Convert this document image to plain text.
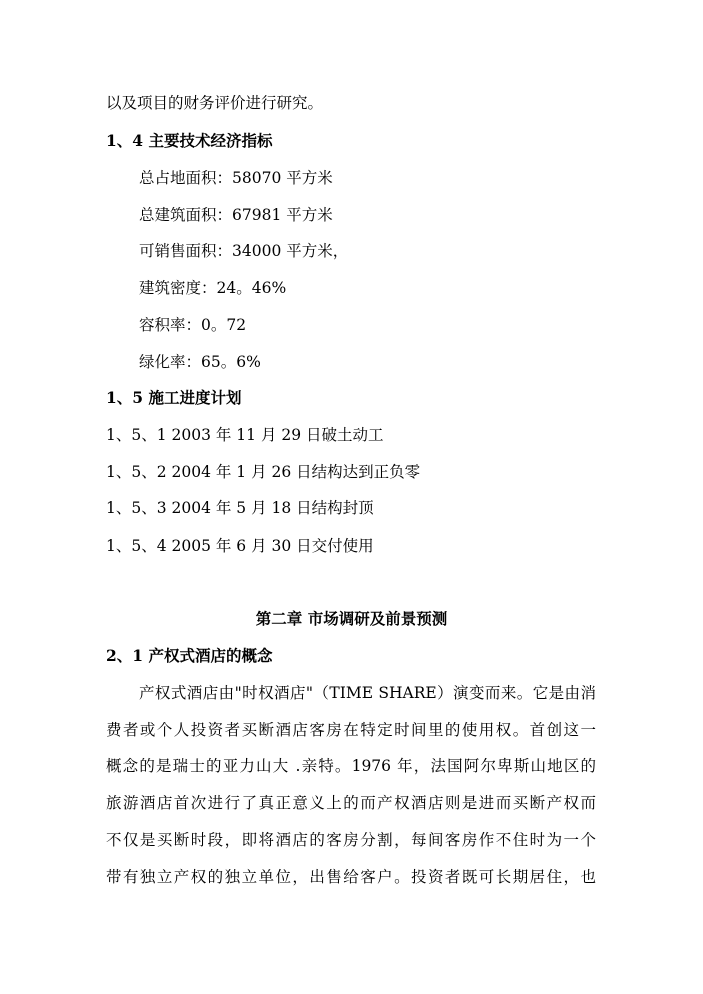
以及项目的财务评价进行研究。
1、4 主要技术经济指标
总占地面积：58070 平方米
总建筑面积：67981 平方米
可销售面积：34000 平方米，
建筑密度：24。46%
容积率：0。72
绿化率：65。6%
1、5 施工进度计划
1、5、1 2003 年 11 月 29 日破土动工
1、5、2 2004 年 1 月 26 日结构达到正负零
1、5、3 2004 年 5 月 18 日结构封顶
1、5、4 2005 年 6 月 30 日交付使用
第二章 市场调研及前景预测
2、1 产权式酒店的概念
产权式酒店由"时权酒店"（TIME SHARE）演变而来。它是由消
费者或个人投资者买断酒店客房在特定时间里的使用权。首创这一
概念的是瑞士的亚力山大 .亲特。1976 年，法国阿尔卑斯山地区的
旅游酒店首次进行了真正意义上的而产权酒店则是进而买断产权而
不仅是买断时段，即将酒店的客房分割，每间客房作不住时为一个
带有独立产权的独立单位，出售给客户。投资者既可长期居住，也
